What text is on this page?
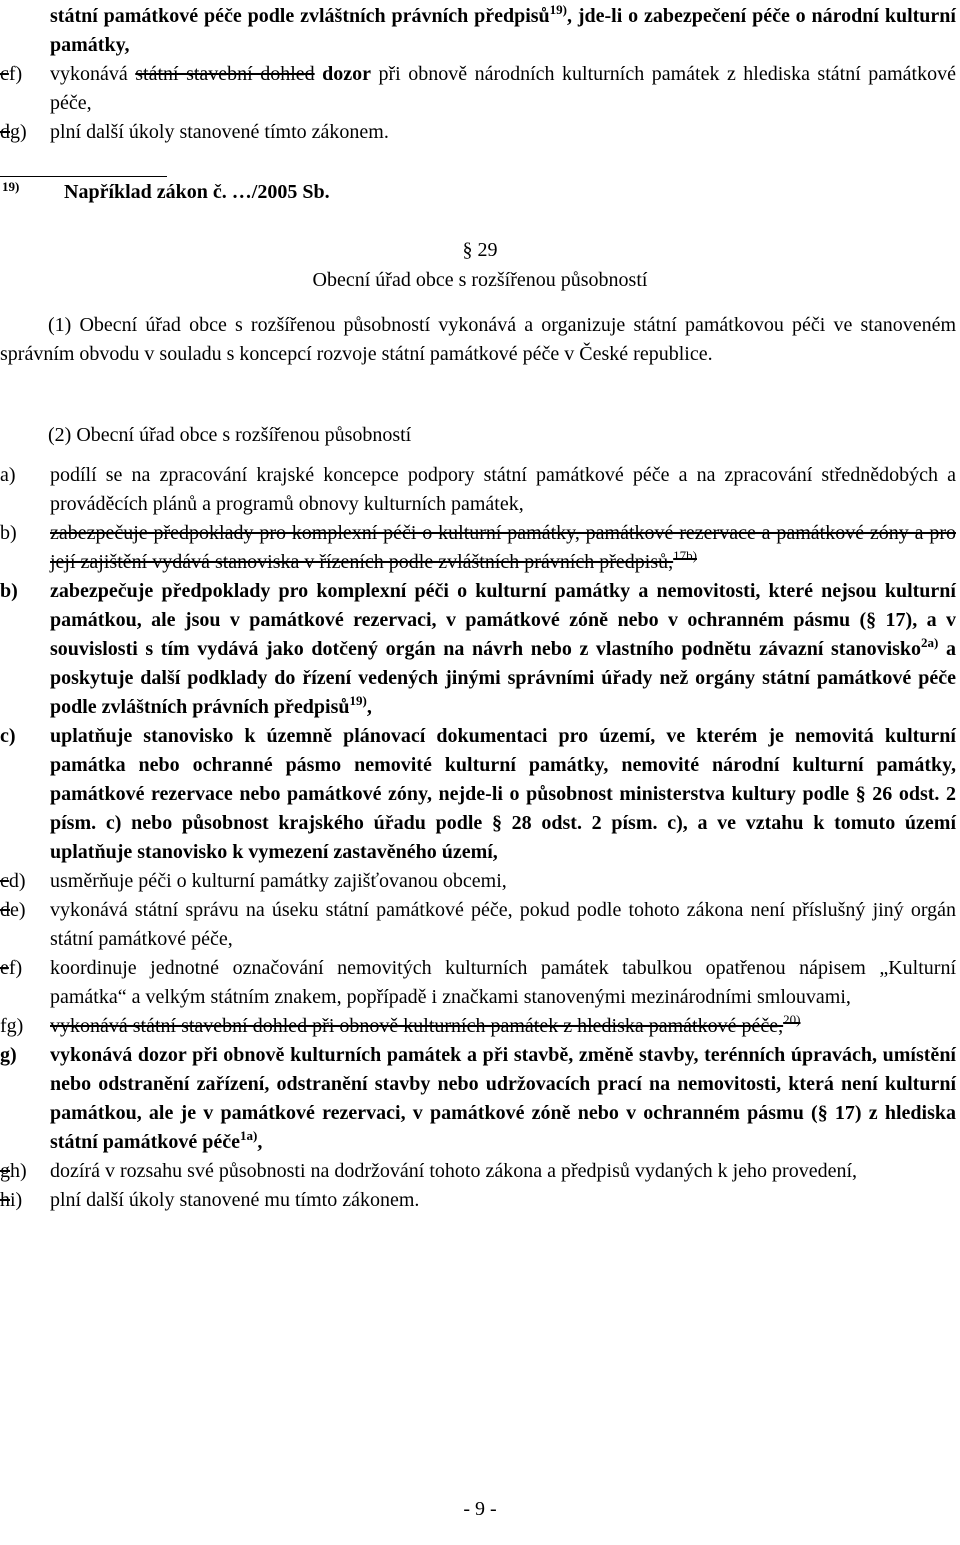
státní památkové péče podle zvláštních právních předpisů$^{19)}$, jde-li o zabezpečení péče o národní kulturní památky,
cf)	vykonává státní stavební dohled dozor při obnově národních kulturních památek z hlediska státní památkové péče,
dg)	plní další úkoly stanovené tímto zákonem.
19) Například zákon č. …/2005 Sb.
§ 29
Obecní úřad obce s rozšířenou působností
(1) Obecní úřad obce s rozšířenou působností vykonává a organizuje státní památkovou péči ve stanoveném správním obvodu v souladu s koncepcí rozvoje státní památkové péče v České republice.
(2) Obecní úřad obce s rozšířenou působností
a)	podílí se na zpracování krajské koncepce podpory státní památkové péče a na zpracování střednědobých a prováděcích plánů a programů obnovy kulturních památek,
b)	zabezpečuje předpoklady pro komplexní péči o kulturní památky, památkové rezervace a památkové zóny a pro její zajištění vydává stanoviska v řízeních podle zvláštních právních předpisů,$^{17b)}$
b)	zabezpečuje předpoklady pro komplexní péči o kulturní památky a nemovitosti, které nejsou kulturní památkou, ale jsou v památkové rezervaci, v památkové zóně nebo v ochranném pásmu (§ 17), a v souvislosti s tím vydává jako dotčený orgán na návrh nebo z vlastního podnětu závazní stanovisko$^{2a)}$ a poskytuje další podklady do řízení vedených jinými správními úřady než orgány státní památkové péče podle zvláštních právních předpisů$^{19)}$,
c)	uplatňuje stanovisko k územně plánovací dokumentaci pro území, ve kterém je nemovitá kulturní památka nebo ochranné pásmo nemovité kulturní památky, nemovité národní kulturní památky, památkové rezervace nebo památkové zóny, nejde-li o působnost ministerstva kultury podle § 26 odst. 2 písm. c) nebo působnost krajského úřadu podle § 28 odst. 2 písm. c), a ve vztahu k tomuto území uplatňuje stanovisko k vymezení zastavěného území,
cd)	usměrňuje péči o kulturní památky zajišťovanou obcemi,
de)	vykonává státní správu na úseku státní památkové péče, pokud podle tohoto zákona není příslušný jiný orgán státní památkové péče,
ef)	koordinuje jednotné označování nemovitých kulturních památek tabulkou opatřenou nápisem „Kulturní památka“ a velkým státním znakem, popřípadě i značkami stanovenými mezinárodními smlouvami,
fg)	vykonává státní stavební dohled při obnově kulturních památek z hlediska památkové péče,$^{20)}$
g)	vykonává dozor při obnově kulturních památek a při stavbě, změně stavby, terénních úpravách, umístění nebo odstranění zařízení, odstranění stavby nebo udržovacích prací na nemovitosti, která není kulturní památkou, ale je v památkové rezervaci, v památkové zóně nebo v ochranném pásmu (§ 17) z hlediska státní památkové péče$^{1a)}$,
gh)	dozírá v rozsahu své působnosti na dodržování tohoto zákona a předpisů vydaných k jeho provedení,
hi)	plní další úkoly stanovené mu tímto zákonem.
- 9 -
